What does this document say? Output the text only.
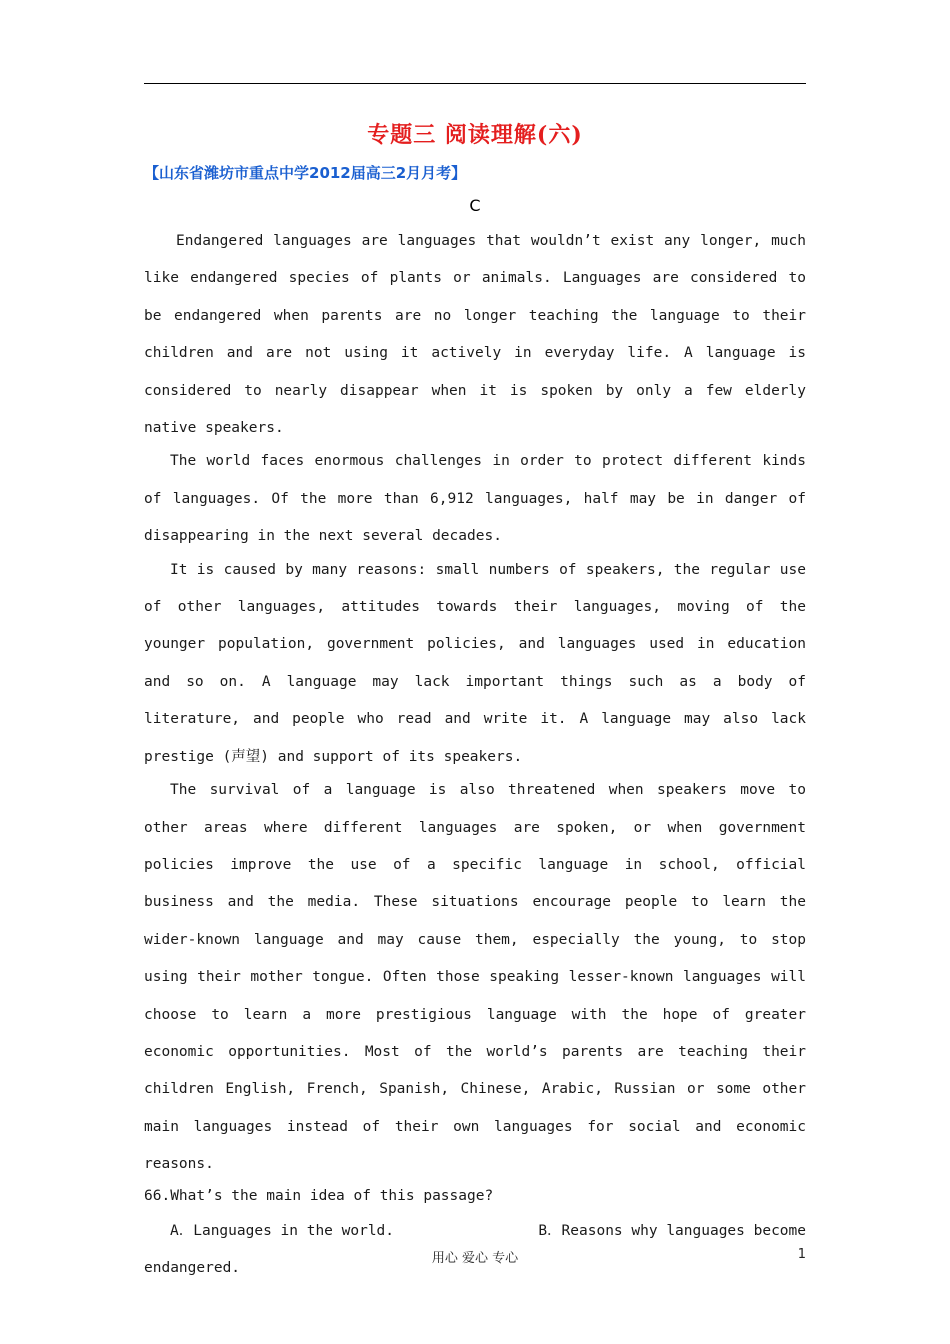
专题三 阅读理解(六)
【山东省潍坊市重点中学2012届高三2月月考】
C

Endangered languages are languages that wouldn’t exist any longer, much like endangered species of plants or animals. Languages are considered to be endangered when parents are no longer teaching the language to their children and are not using it actively in everyday life. A language is considered to nearly disappear when it is spoken by only a few elderly native speakers.

The world faces enormous challenges in order to protect different kinds of languages. Of the more than 6,912 languages, half may be in danger of disappearing in the next several decades.

It is caused by many reasons: small numbers of speakers, the regular use of other languages, attitudes towards their languages, moving of the younger population, government policies, and languages used in education and so on. A language may lack important things such as a body of literature, and people who read and write it. A language may also lack prestige (声望) and support of its speakers.

The survival of a language is also threatened when speakers move to other areas where different languages are spoken, or when government policies improve the use of a specific language in school, official business and the media. These situations encourage people to learn the wider-known language and may cause them, especially the young, to stop using their mother tongue. Often those speaking lesser-known languages will choose to learn a more prestigious language with the hope of greater economic opportunities. Most of the world’s parents are teaching their children English, French, Spanish, Chinese, Arabic, Russian or some other main languages instead of their own languages for social and economic reasons.

66.What’s the main idea of this passage?

A．Languages in the world.	B．Reasons why languages become
endangered.
用心 爱心 专心	1
